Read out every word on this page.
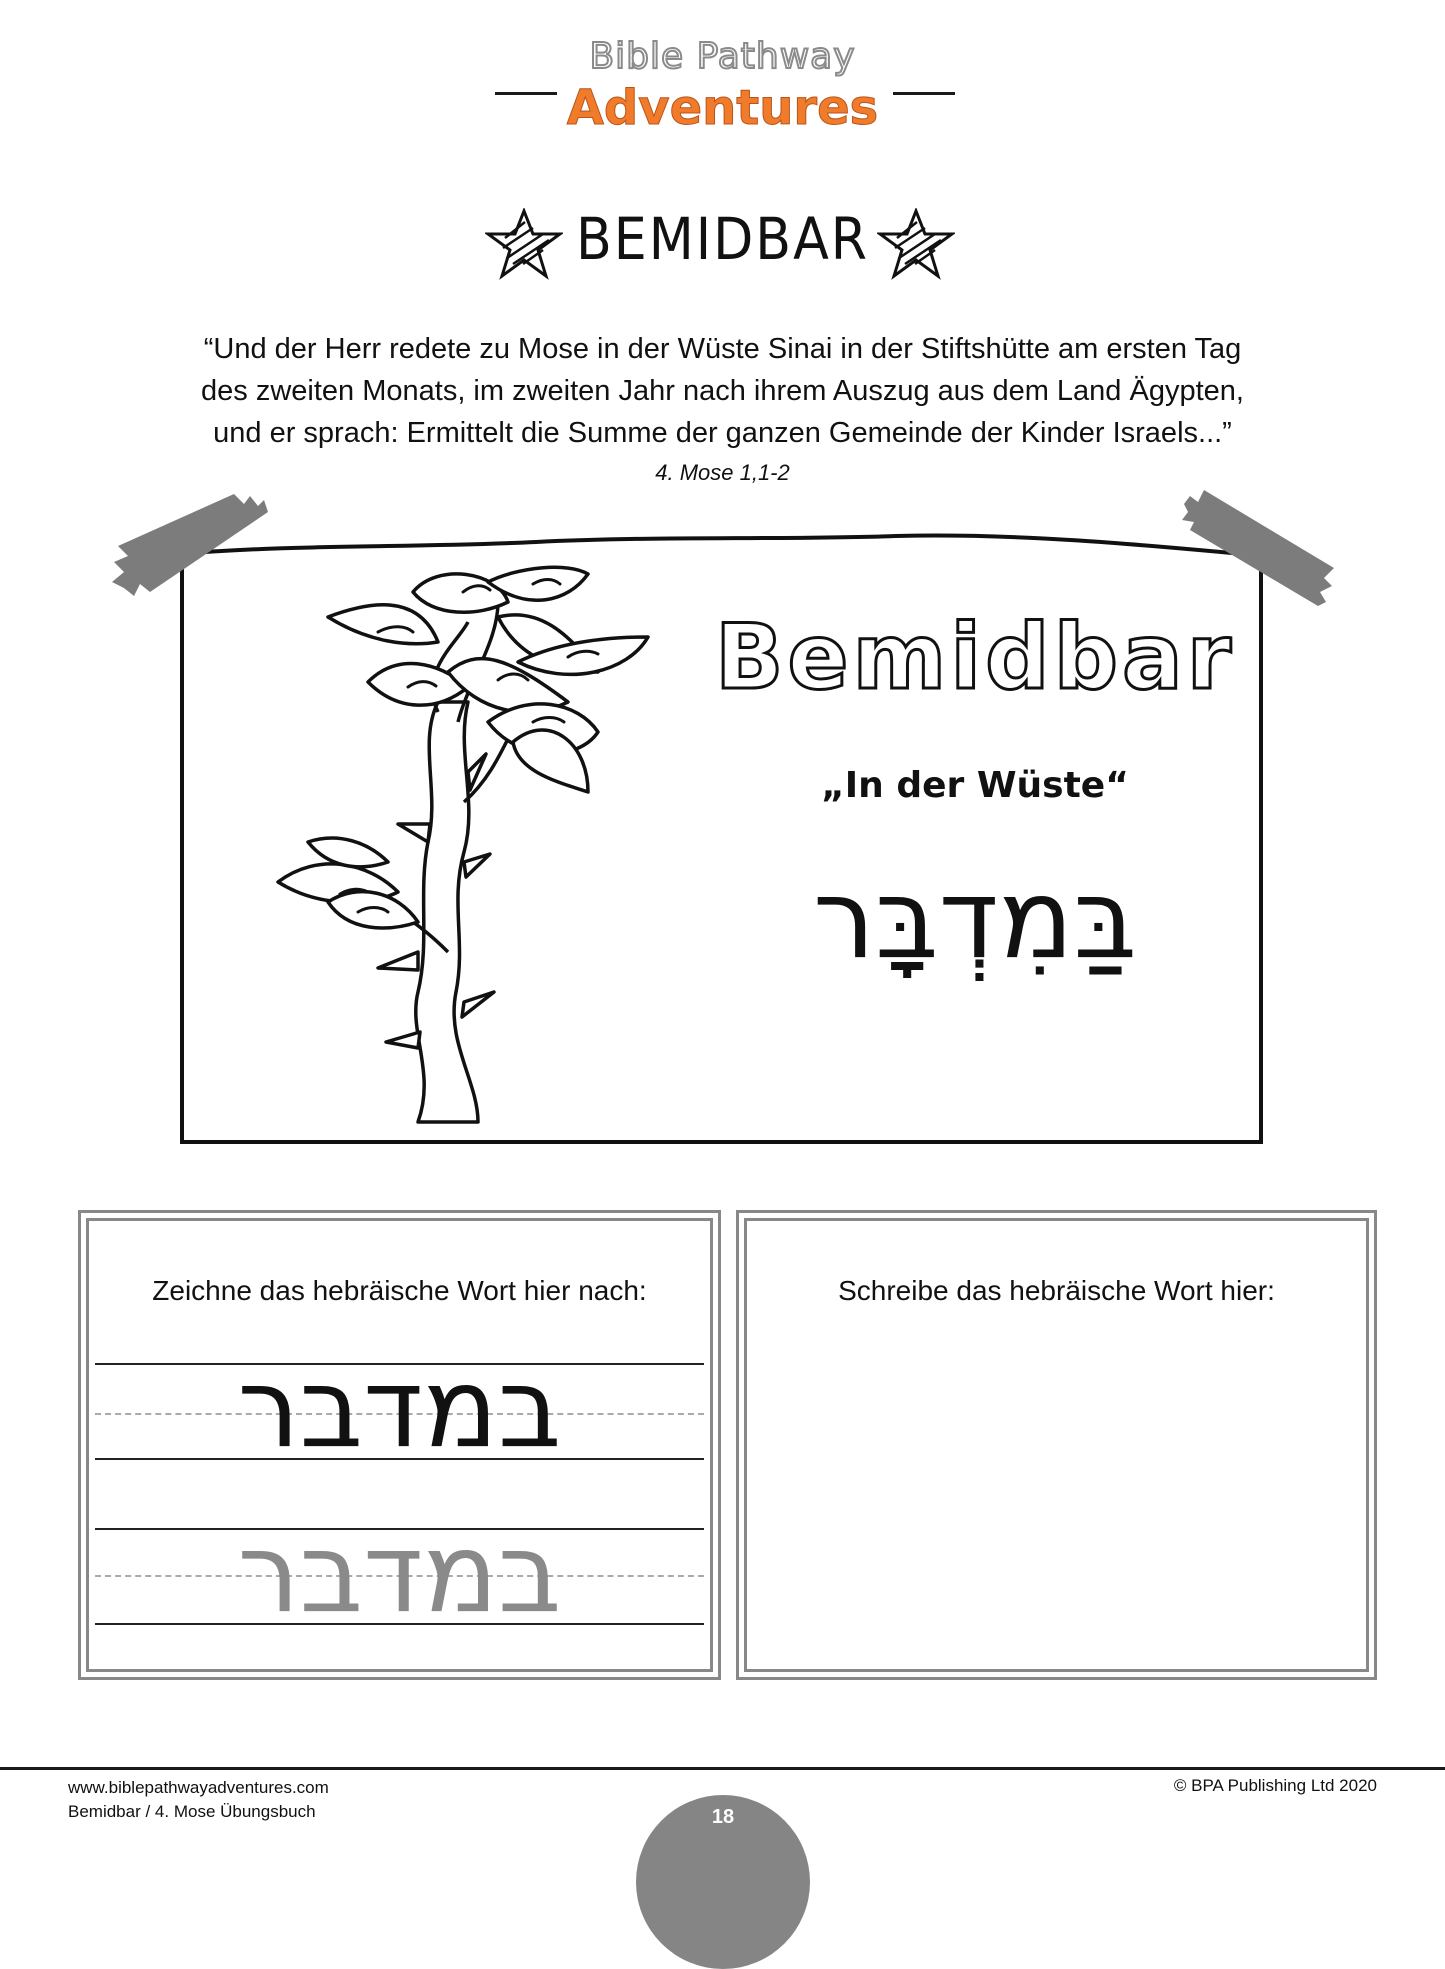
Bible Pathway
Adventures
BEMIDBAR
“Und der Herr redete zu Mose in der Wüste Sinai in der Stiftshütte am ersten Tag
des zweiten Monats, im zweiten Jahr nach ihrem Auszug aus dem Land Ägypten,
und er sprach: Ermittelt die Summe der ganzen Gemeinde der Kinder Israels...”
4. Mose 1,1-2
Bemidbar
„In der Wüste“
בַּמִדְבָּר
Zeichne das hebräische Wort hier nach:
במדבר
במדבר
Schreibe das hebräische Wort hier:
www.biblepathwayadventures.com
Bemidbar / 4. Mose Übungsbuch
© BPA Publishing Ltd 2020
18
